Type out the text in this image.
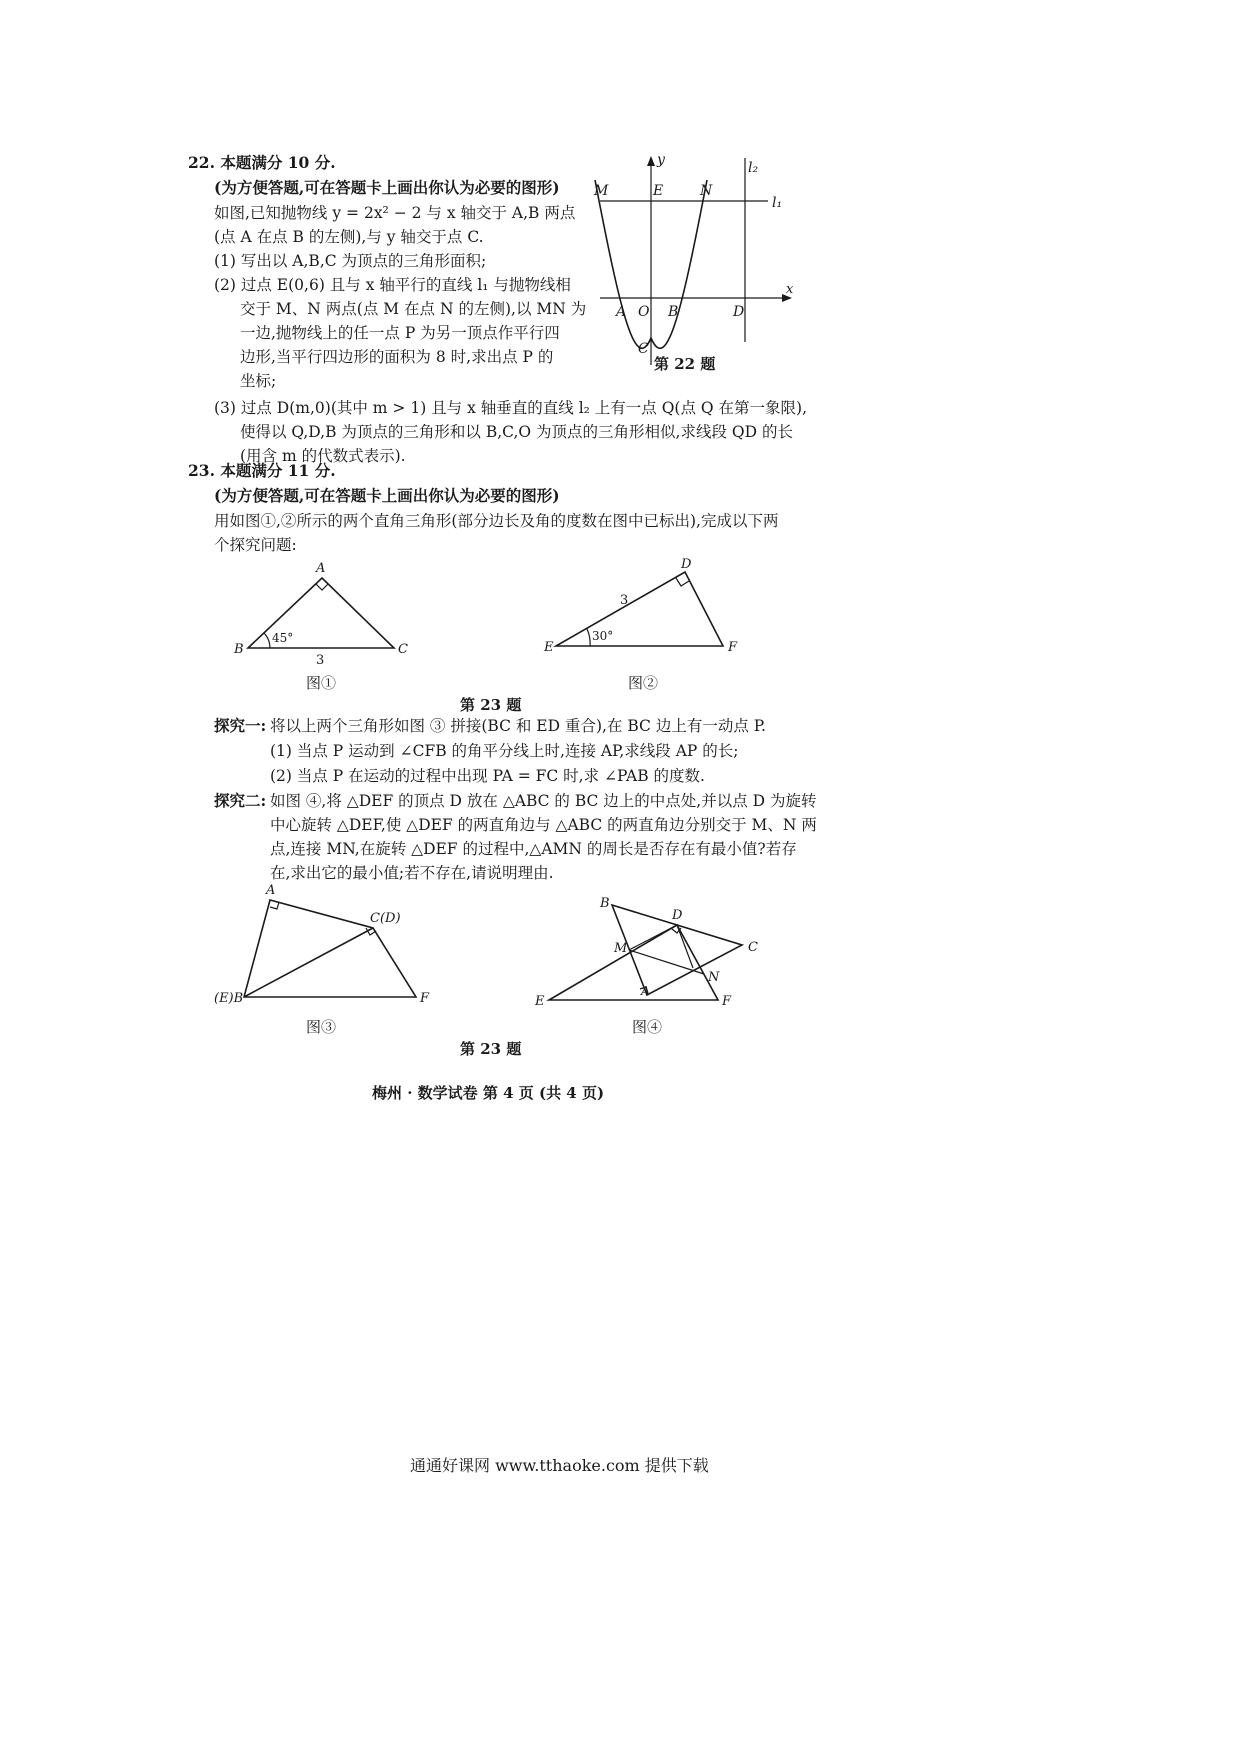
22. 本题满分 10 分.
(为方便答题,可在答题卡上画出你认为必要的图形)
如图,已知抛物线 y = 2x² − 2 与 x 轴交于 A,B 两点
(点 A 在点 B 的左侧),与 y 轴交于点 C.
(1) 写出以 A,B,C 为顶点的三角形面积;
(2) 过点 E(0,6) 且与 x 轴平行的直线 l₁ 与抛物线相
交于 M、N 两点(点 M 在点 N 的左侧),以 MN 为
一边,抛物线上的任一点 P 为另一顶点作平行四
边形,当平行四边形的面积为 8 时,求出点 P 的
坐标;
(3) 过点 D(m,0)(其中 m > 1) 且与 x 轴垂直的直线 l₂ 上有一点 Q(点 Q 在第一象限),
使得以 Q,D,B 为顶点的三角形和以 B,C,O 为顶点的三角形相似,求线段 QD 的长
(用含 m 的代数式表示).
y
x
M	E	N
l₂
l₁
A O B	D
C
第 22 题
23. 本题满分 11 分.
(为方便答题,可在答题卡上画出你认为必要的图形)
用如图①,②所示的两个直角三角形(部分边长及角的度数在图中已标出),完成以下两
个探究问题:
A
B	C
45°
3
图①
D
E	F
30°
3
图②
第 23 题
探究一: 将以上两个三角形如图 ③ 拼接(BC 和 ED 重合),在 BC 边上有一动点 P.
(1) 当点 P 运动到 ∠CFB 的角平分线上时,连接 AP,求线段 AP 的长;
(2) 当点 P 在运动的过程中出现 PA = FC 时,求 ∠PAB 的度数.
探究二: 如图 ④,将 △DEF 的顶点 D 放在 △ABC 的 BC 边上的中点处,并以点 D 为旋转
中心旋转 △DEF,使 △DEF 的两直角边与 △ABC 的两直角边分别交于 M、N 两
点,连接 MN,在旋转 △DEF 的过程中,△AMN 的周长是否存在有最小值?若存
在,求出它的最小值;若不存在,请说明理由.
A
C(D)
(E)B	F
图③
B
D
C
M
N
A
E	F
图④
第 23 题
梅州 · 数学试卷 第 4 页 (共 4 页)
通通好课网 www.tthaoke.com 提供下载
